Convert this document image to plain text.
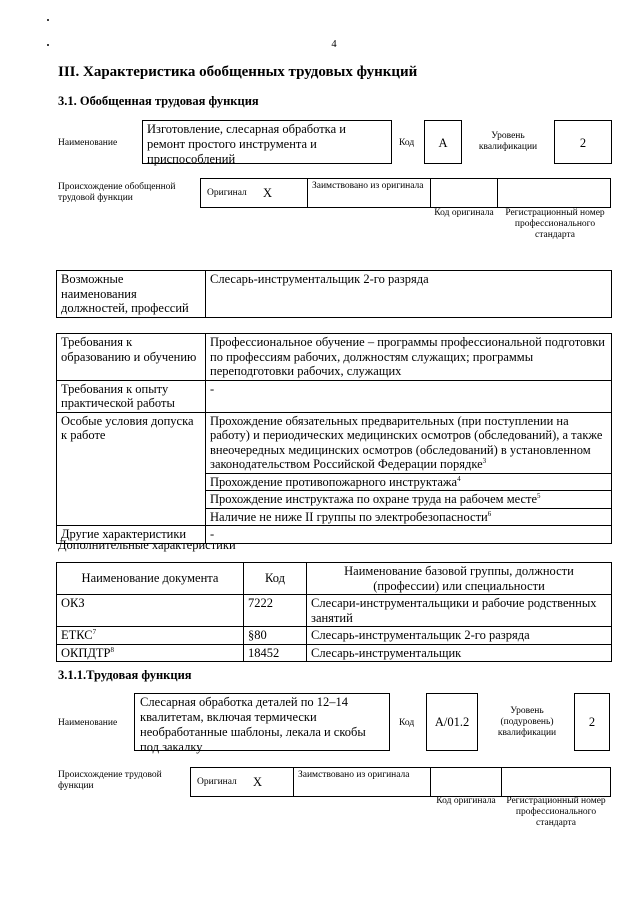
4
III. Характеристика обобщенных трудовых функций
3.1. Обобщенная трудовая функция
Наименование
Изготовление, слесарная обработка и ремонт простого инструмента и приспособлений
Код	А	Уровень квалификации	2
Происхождение обобщенной трудовой функции	Оригинал Х	Заимствовано из оригинала
Код оригинала	Регистрационный номер профессионального стандарта
Возможные наименования должностей, профессий	Слесарь-инструментальщик 2-го разряда
Требования к образованию и обучению	Профессиональное обучение – программы профессиональной подготовки по профессиям рабочих, должностям служащих; программы переподготовки рабочих, служащих
Требования к опыту практической работы	-
Особые условия допуска к работе	Прохождение обязательных предварительных (при поступлении на работу) и периодических медицинских осмотров (обследований), а также внеочередных медицинских осмотров (обследований) в установленном законодательством Российской Федерации порядке$^3$
	Прохождение противопожарного инструктажа$^4$
	Прохождение инструктажа по охране труда на рабочем месте$^5$
	Наличие не ниже II группы по электробезопасности$^6$
Другие характеристики	-
Дополнительные характеристики
Наименование документа	Код	Наименование базовой группы, должности (профессии) или специальности
ОКЗ	7222	Слесари-инструментальщики и рабочие родственных занятий
ЕТКС$^7$	§80	Слесарь-инструментальщик 2-го разряда
ОКПДТР$^8$	18452	Слесарь-инструментальщик
3.1.1.Трудовая функция
Наименование
Слесарная обработка деталей по 12–14 квалитетам, включая термически необработанные шаблоны, лекала и скобы под закалку
Код	А/01.2
Уровень (подуровень) квалификации
2
Происхождение трудовой функции	Оригинал Х	Заимствовано из оригинала
Код оригинала	Регистрационный номер профессионального стандарта
